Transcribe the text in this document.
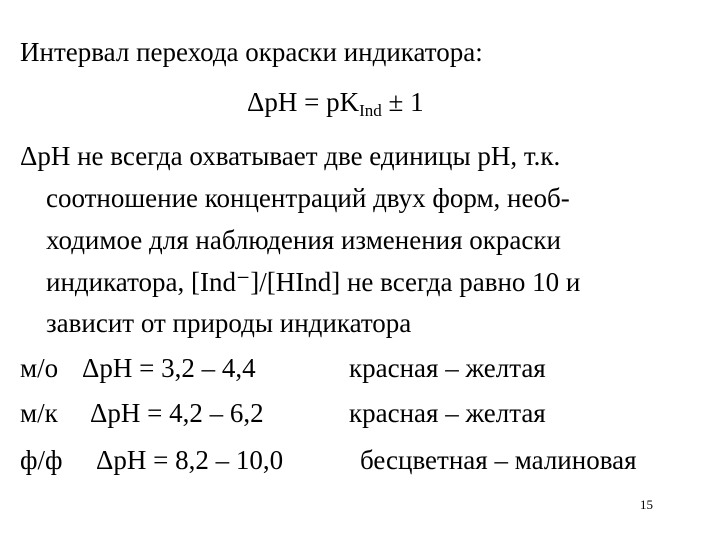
Интервал перехода окраски индикатора:
$\Delta pH = pK_{Ind} \pm 1$
ΔpH не всегда охватывает две единицы pH, т.к.
соотношение концентраций двух форм, необ-
ходимое для наблюдения изменения окраски
индикатора, [Ind⁻]/[HInd] не всегда равно 10 и
зависит от природы индикатора
м/о ΔpH = 3,2 – 4,4	красная – желтая
м/к ΔpH = 4,2 – 6,2	красная – желтая
ф/ф ΔpH = 8,2 – 10,0	бесцветная – малиновая
15
